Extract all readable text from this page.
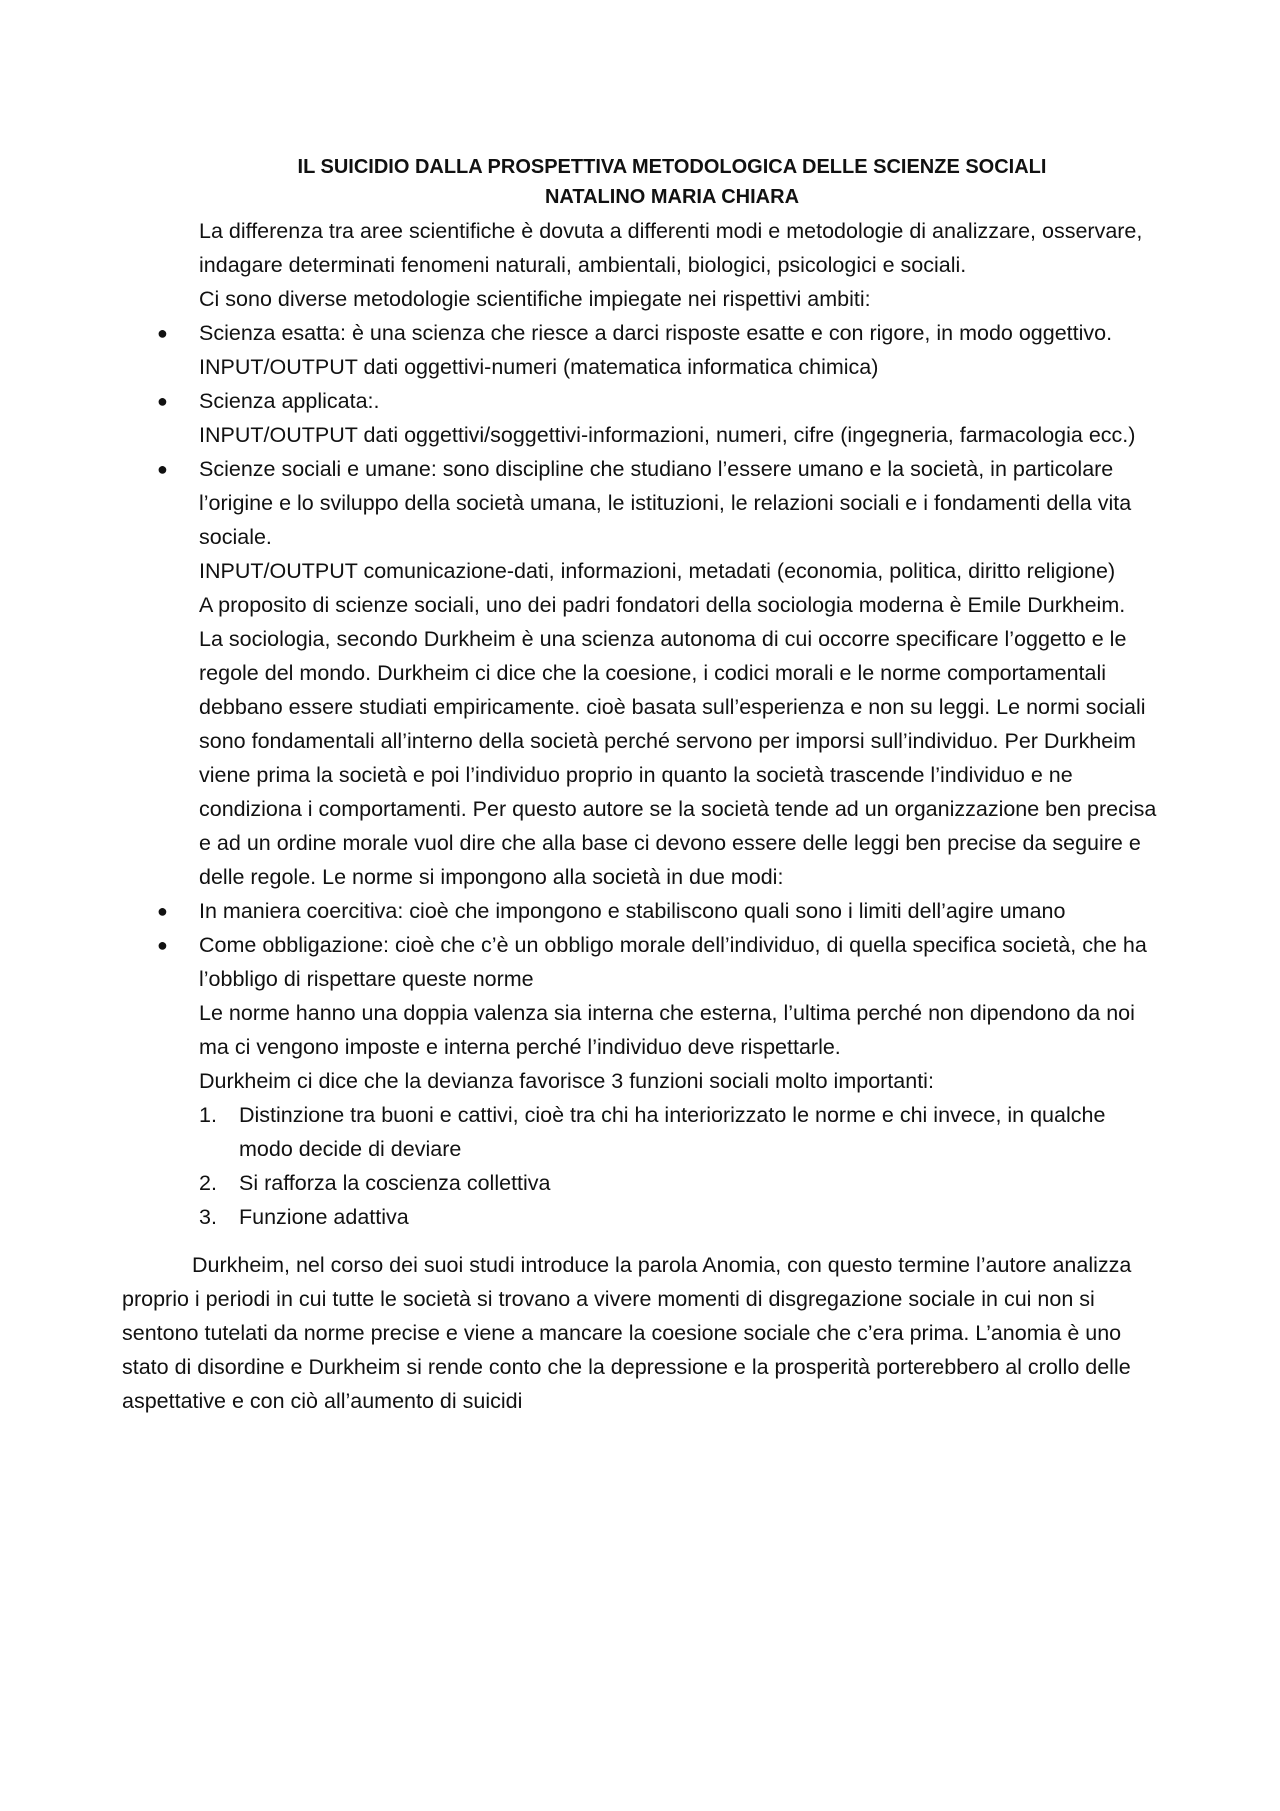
IL SUICIDIO DALLA PROSPETTIVA METODOLOGICA DELLE SCIENZE SOCIALI

NATALINO MARIA CHIARA

La differenza tra aree scientifiche è dovuta a differenti modi e metodologie di analizzare, osservare, indagare determinati fenomeni naturali, ambientali, biologici, psicologici e sociali.

Ci sono diverse metodologie scientifiche impiegate nei rispettivi ambiti:

● Scienza esatta: è una scienza che riesce a darci risposte esatte e con rigore, in modo oggettivo. INPUT/OUTPUT dati oggettivi-numeri (matematica informatica chimica)

● Scienza applicata:.

INPUT/OUTPUT dati oggettivi/soggettivi-informazioni, numeri, cifre (ingegneria, farmacologia ecc.)

● Scienze sociali e umane: sono discipline che studiano l’essere umano e la società, in particolare l’origine e lo sviluppo della società umana, le istituzioni, le relazioni sociali e i fondamenti della vita sociale.

INPUT/OUTPUT comunicazione-dati, informazioni, metadati (economia, politica, diritto religione)

A proposito di scienze sociali, uno dei padri fondatori della sociologia moderna è Emile Durkheim.

La sociologia, secondo Durkheim è una scienza autonoma di cui occorre specificare l’oggetto e le regole del mondo. Durkheim ci dice che la coesione, i codici morali e le norme comportamentali debbano essere studiati empiricamente. cioè basata sull’esperienza e non su leggi. Le normi sociali sono fondamentali all’interno della società perché servono per imporsi sull’individuo. Per Durkheim viene prima la società e poi l’individuo proprio in quanto la società trascende l’individuo e ne condiziona i comportamenti. Per questo autore se la società tende ad un organizzazione ben precisa e ad un ordine morale vuol dire che alla base ci devono essere delle leggi ben precise da seguire e delle regole. Le norme si impongono alla società in due modi:

● In maniera coercitiva: cioè che impongono e stabiliscono quali sono i limiti dell’agire umano

● Come obbligazione: cioè che c’è un obbligo morale dell’individuo, di quella specifica società, che ha l’obbligo di rispettare queste norme

Le norme hanno una doppia valenza sia interna che esterna, l’ultima perché non dipendono da noi ma ci vengono imposte e interna perché l’individuo deve rispettarle.

Durkheim ci dice che la devianza favorisce 3 funzioni sociali molto importanti:

1.	Distinzione tra buoni e cattivi, cioè tra chi ha interiorizzato le norme e chi invece, in qualche modo decide di deviare

2.	Si rafforza la coscienza collettiva

3.	Funzione adattiva

Durkheim, nel corso dei suoi studi introduce la parola Anomia, con questo termine l’autore analizza proprio i periodi in cui tutte le società si trovano a vivere momenti di disgregazione sociale in cui non si sentono tutelati da norme precise e viene a mancare la coesione sociale che c’era prima. L’anomia è uno stato di disordine e Durkheim si rende conto che la depressione e la prosperità porterebbero al crollo delle aspettative e con ciò all’aumento di suicidi
